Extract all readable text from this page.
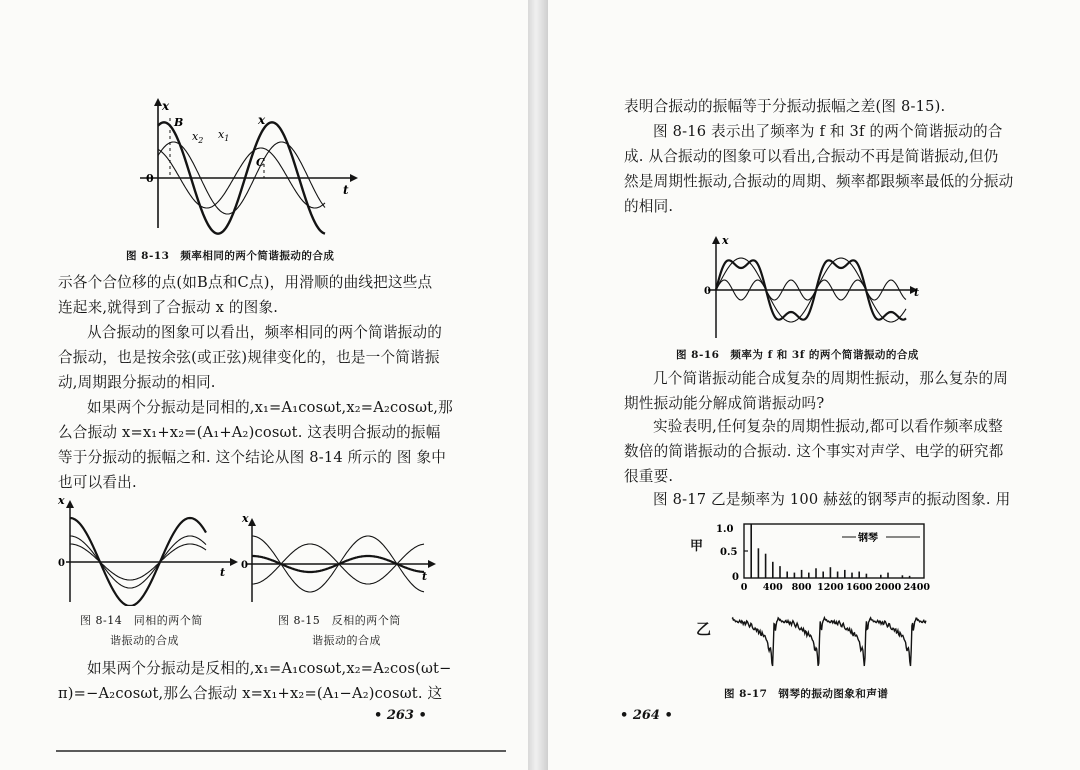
x
t
0
B
C
$x_2$ $x_1$
x
图 8-13　频率相同的两个简谐振动的合成
示各个合位移的点(如B点和C点)，用滑顺的曲线把这些点
连起来,就得到了合振动 x 的图象.
从合振动的图象可以看出，频率相同的两个简谐振动的
合振动，也是按余弦(或正弦)规律变化的，也是一个简谐振
动,周期跟分振动的相同.
如果两个分振动是同相的,x₁=A₁cosωt,x₂=A₂cosωt,那
么合振动 x=x₁+x₂=(A₁+A₂)cosωt. 这表明合振动的振幅
等于分振动的振幅之和. 这个结论从图 8-14 所示的 图 象中
也可以看出.
x
t
0
图 8-14　同相的两个简
谐振动的合成
x
t
0
图 8-15　反相的两个筒
谐振动的合成
如果两个分振动是反相的,x₁=A₁cosωt,x₂=A₂cos(ωt−
π)=−A₂cosωt,那么合振动 x=x₁+x₂=(A₁−A₂)cosωt. 这
• 263 •
表明合振动的振幅等于分振动振幅之差(图 8-15).
图 8-16 表示出了频率为 f 和 3f 的两个简谐振动的合
成. 从合振动的图象可以看出,合振动不再是简谐振动,但仍
然是周期性振动,合振动的周期、频率都跟频率最低的分振动
的相同.
x
t
0
图 8-16　频率为 f 和 3f 的两个简谐振动的合成
几个简谐振动能合成复杂的周期性振动，那么复杂的周
期性振动能分解成简谐振动吗?
实验表明,任何复杂的周期性振动,都可以看作频率成整
数倍的简谐振动的合振动. 这个事实对声学、电学的研究都
很重要.
图 8-17 乙是频率为 100 赫兹的钢琴声的振动图象. 用
甲
1.0
0.5
0
钢琴
0 400 800 1200 1600 2000 2400
乙
图 8-17　钢琴的振动图象和声谱
• 264 •
